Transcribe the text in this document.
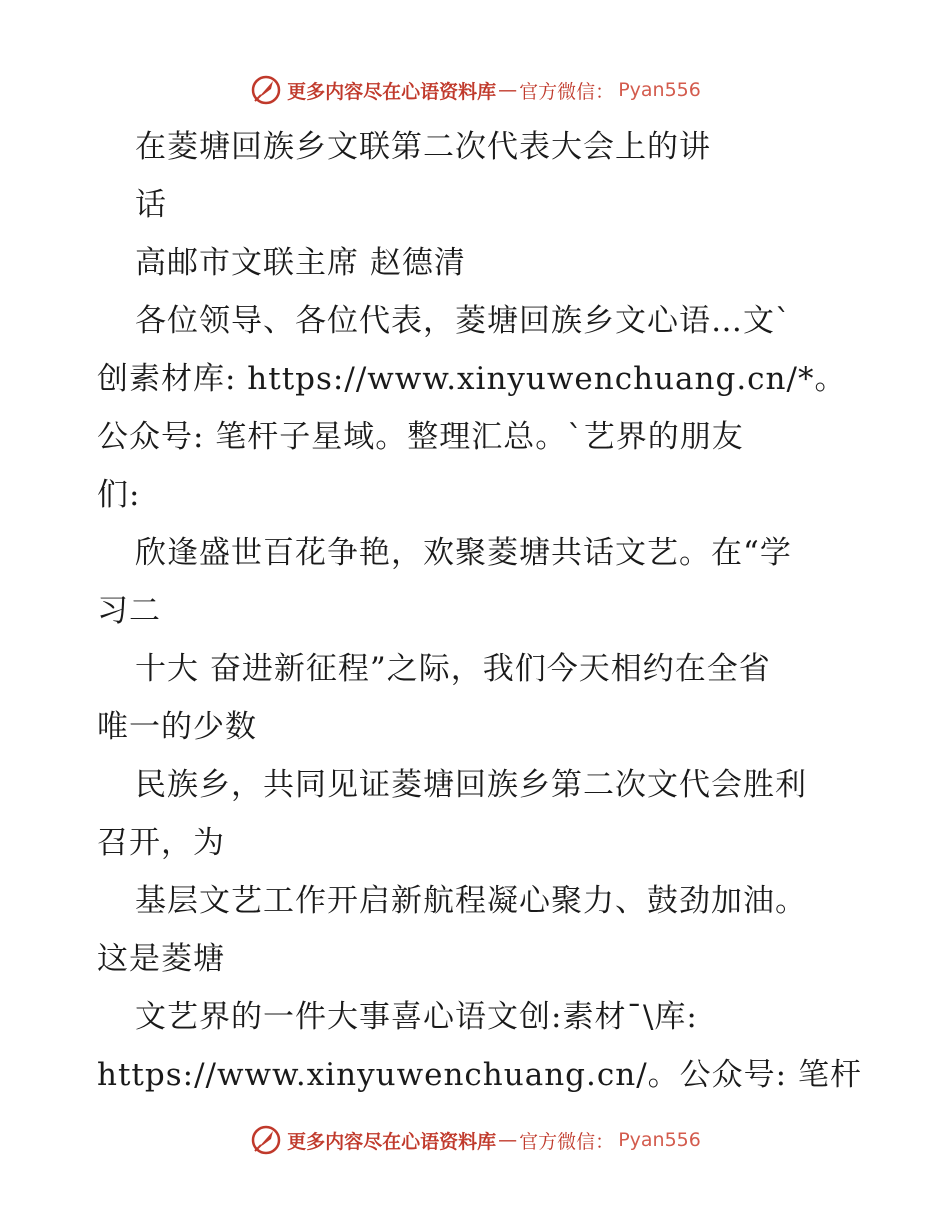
更多内容尽在心语资料库 — 官方微信： Pyan556
在菱塘回族乡文联第二次代表大会上的讲
话
高邮市文联主席 赵德清
各位领导、各位代表，菱塘回族乡文心语…文`
创素材库: https://www.xinyuwenchuang.cn/*。
公众号: 笔杆子星域。整理汇总。`艺界的朋友
们:
欣逢盛世百花争艳，欢聚菱塘共话文艺。在“学
习二
十大 奋进新征程”之际，我们今天相约在全省
唯一的少数
民族乡，共同见证菱塘回族乡第二次文代会胜利
召开，为
基层文艺工作开启新航程凝心聚力、鼓劲加油。
这是菱塘
文艺界的一件大事喜心语文创:素材¯\库:
https://www.xinyuwenchuang.cn/。公众号: 笔杆
更多内容尽在心语资料库 — 官方微信： Pyan556
